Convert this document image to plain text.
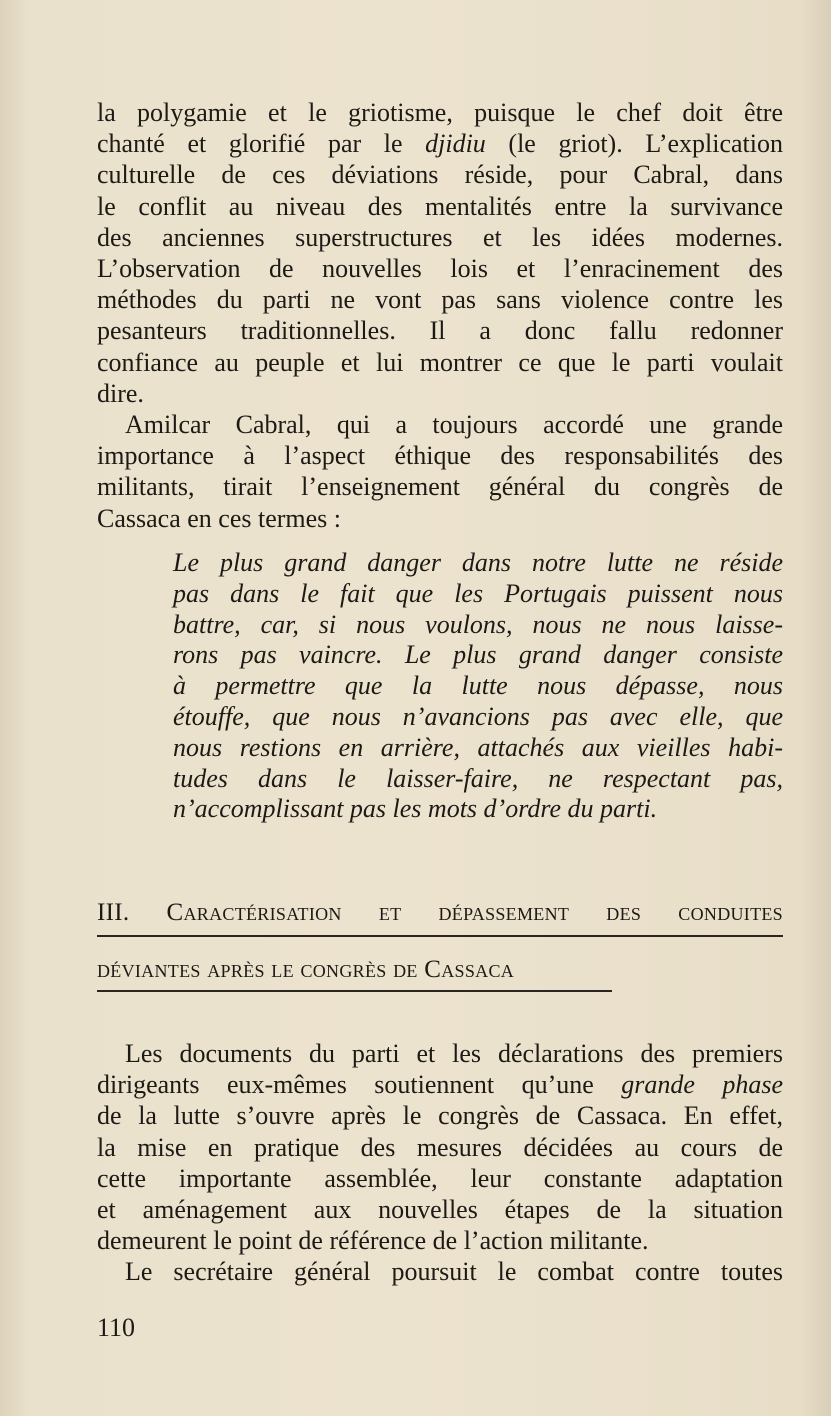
la polygamie et le griotisme, puisque le chef doit être
chanté et glorifié par le djidiu (le griot). L’explication
culturelle de ces déviations réside, pour Cabral, dans
le conflit au niveau des mentalités entre la survivance
des anciennes superstructures et les idées modernes.
L’observation de nouvelles lois et l’enracinement des
méthodes du parti ne vont pas sans violence contre les
pesanteurs traditionnelles. Il a donc fallu redonner
confiance au peuple et lui montrer ce que le parti voulait
dire.
Amilcar Cabral, qui a toujours accordé une grande
importance à l’aspect éthique des responsabilités des
militants, tirait l’enseignement général du congrès de
Cassaca en ces termes :
Le plus grand danger dans notre lutte ne réside
pas dans le fait que les Portugais puissent nous
battre, car, si nous voulons, nous ne nous laisse-
rons pas vaincre. Le plus grand danger consiste
à permettre que la lutte nous dépasse, nous
étouffe, que nous n’avancions pas avec elle, que
nous restions en arrière, attachés aux vieilles habi-
tudes dans le laisser-faire, ne respectant pas,
n’accomplissant pas les mots d’ordre du parti.
III. Caractérisation et dépassement des conduites
déviantes après le congrès de Cassaca
Les documents du parti et les déclarations des premiers
dirigeants eux-mêmes soutiennent qu’une grande phase
de la lutte s’ouvre après le congrès de Cassaca. En effet,
la mise en pratique des mesures décidées au cours de
cette importante assemblée, leur constante adaptation
et aménagement aux nouvelles étapes de la situation
demeurent le point de référence de l’action militante.
Le secrétaire général poursuit le combat contre toutes
110
